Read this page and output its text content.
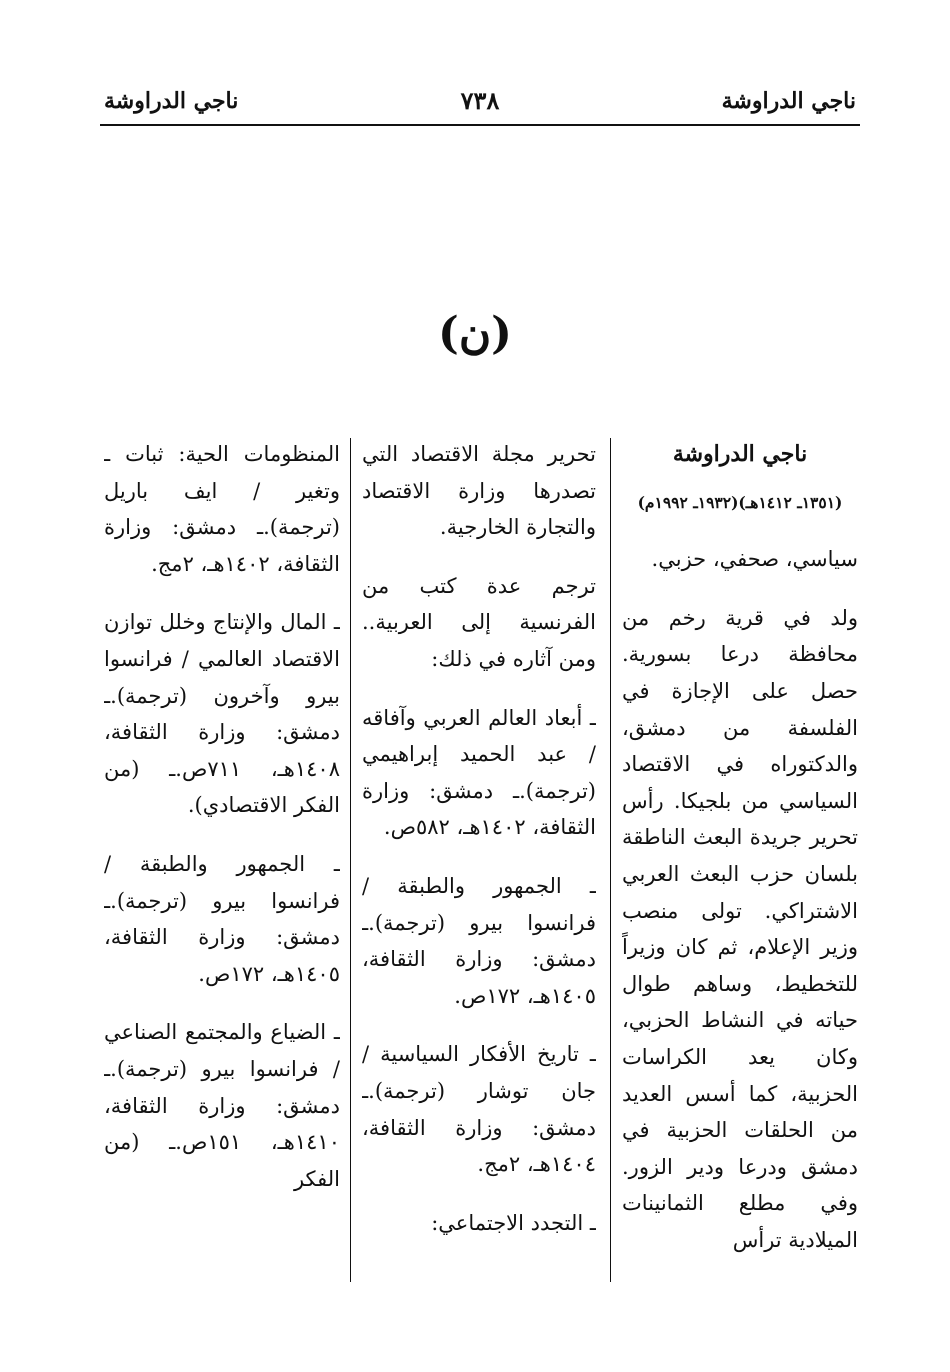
ناجي الدراوشة
٧٣٨
ناجي الدراوشة
(ن)

ناجي الدراوشة

(١٣٥١ـ ١٤١٢هـ)(١٩٣٢ـ ١٩٩٢م)

سياسي، صحفي، حزبي.

ولد في قرية رخم من محافظة درعا بسورية. حصل على الإجازة في الفلسفة من دمشق، والدكتوراه في الاقتصاد السياسي من بلجيكا. رأس تحرير جريدة البعث الناطقة بلسان حزب البعث العربي الاشتراكي. تولى منصب وزير الإعلام، ثم كان وزيراً للتخطيط، وساهم طوال حياته في النشاط الحزبي، وكان يعد الكراسات الحزبية، كما أسس العديد من الحلقات الحزبية في دمشق ودرعا ودير الزور. وفي مطلع الثمانينات الميلادية ترأس

تحرير مجلة الاقتصاد التي تصدرها وزارة الاقتصاد والتجارة الخارجية.

ترجم عدة كتب من الفرنسية إلى العربية.. ومن آثاره في ذلك:

ـ أبعاد العالم العربي وآفاقه / عبد الحميد إبراهيمي (ترجمة).ـ دمشق: وزارة الثقافة، ١٤٠٢هـ، ٥٨٢ص.

ـ الجمهور والطبقة / فرانسوا بيرو (ترجمة).ـ دمشق: وزارة الثقافة، ١٤٠٥هـ، ١٧٢ص.

ـ تاريخ الأفكار السياسية / جان توشار (ترجمة).ـ دمشق: وزارة الثقافة، ١٤٠٤هـ، ٢مج.

ـ التجدد الاجتماعي:

المنظومات الحية: ثبات ـ وتغير / ايف باريل (ترجمة).ـ دمشق: وزارة الثقافة، ١٤٠٢هـ، ٢مج.

ـ المال والإنتاج وخلل توازن الاقتصاد العالمي / فرانسوا بيرو وآخرون (ترجمة).ـ دمشق: وزارة الثقافة، ١٤٠٨هـ، ٧١١ص.ـ (من الفكر الاقتصادي).

ـ الجمهور والطبقة / فرانسوا بيرو (ترجمة).ـ دمشق: وزارة الثقافة، ١٤٠٥هـ، ١٧٢ص.

ـ الضياع والمجتمع الصناعي / فرانسوا بيرو (ترجمة).ـ دمشق: وزارة الثقافة، ١٤١٠هـ، ١٥١ص.ـ (من الفكر
